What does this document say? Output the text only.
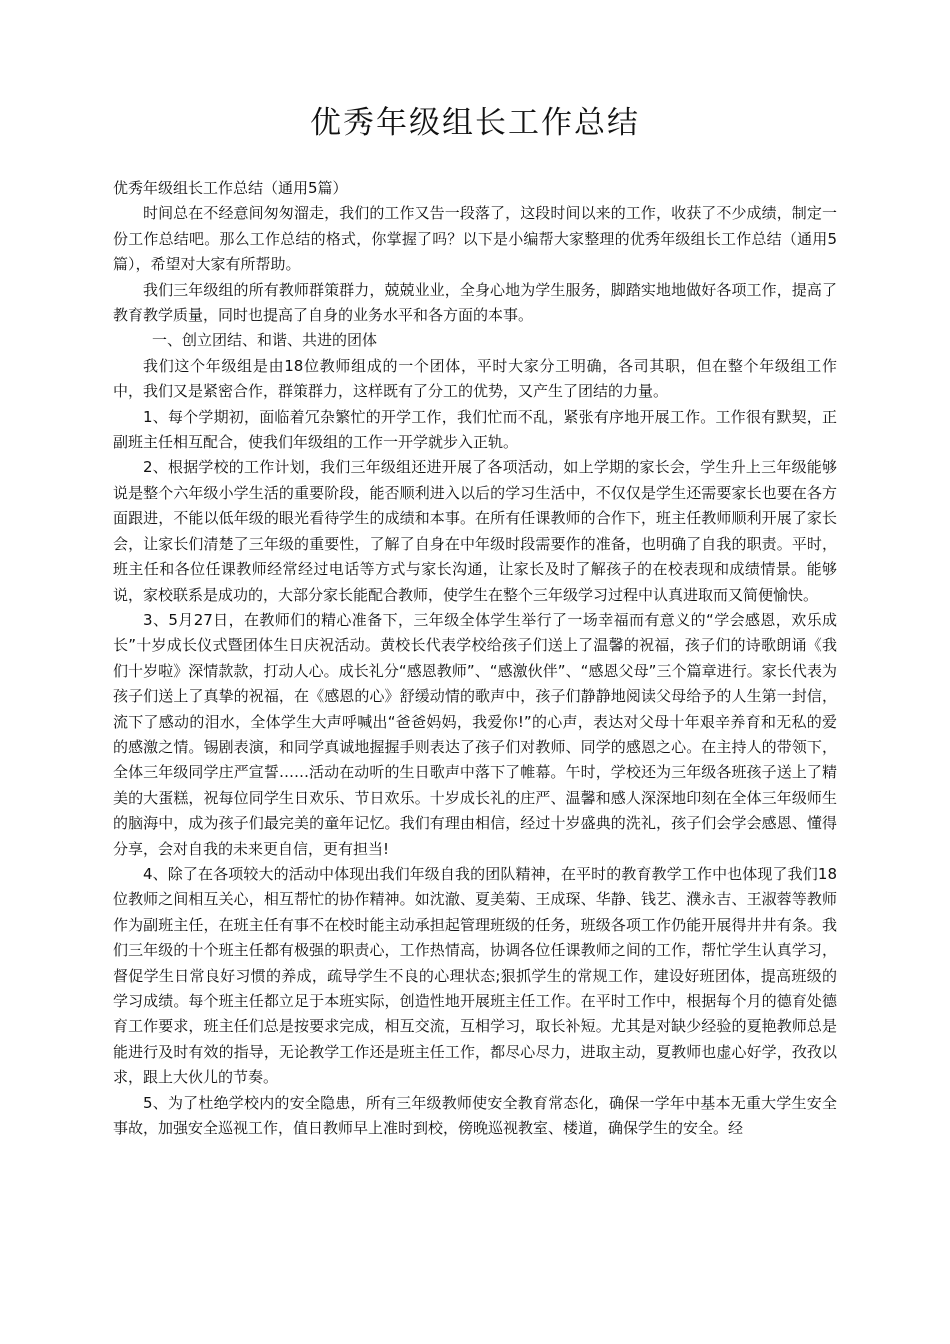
优秀年级组长工作总结

优秀年级组长工作总结（通用5篇）

时间总在不经意间匆匆溜走，我们的工作又告一段落了，这段时间以来的工作，收获了不少成绩，制定一份工作总结吧。那么工作总结的格式，你掌握了吗？以下是小编帮大家整理的优秀年级组长工作总结（通用5篇），希望对大家有所帮助。

我们三年级组的所有教师群策群力，兢兢业业，全身心地为学生服务，脚踏实地地做好各项工作，提高了教育教学质量，同时也提高了自身的业务水平和各方面的本事。

一、创立团结、和谐、共进的团体

我们这个年级组是由18位教师组成的一个团体，平时大家分工明确，各司其职，但在整个年级组工作中，我们又是紧密合作，群策群力，这样既有了分工的优势，又产生了团结的力量。

1、每个学期初，面临着冗杂繁忙的开学工作，我们忙而不乱，紧张有序地开展工作。工作很有默契，正副班主任相互配合，使我们年级组的工作一开学就步入正轨。

2、根据学校的工作计划，我们三年级组还进开展了各项活动，如上学期的家长会，学生升上三年级能够说是整个六年级小学生活的重要阶段，能否顺利进入以后的学习生活中，不仅仅是学生还需要家长也要在各方面跟进，不能以低年级的眼光看待学生的成绩和本事。在所有任课教师的合作下，班主任教师顺利开展了家长会，让家长们清楚了三年级的重要性，了解了自身在中年级时段需要作的准备，也明确了自我的职责。平时，班主任和各位任课教师经常经过电话等方式与家长沟通，让家长及时了解孩子的在校表现和成绩情景。能够说，家校联系是成功的，大部分家长能配合教师，使学生在整个三年级学习过程中认真进取而又简便愉快。

3、5月27日，在教师们的精心准备下，三年级全体学生举行了一场幸福而有意义的“学会感恩，欢乐成长”十岁成长仪式暨团体生日庆祝活动。黄校长代表学校给孩子们送上了温馨的祝福，孩子们的诗歌朗诵《我们十岁啦》深情款款，打动人心。成长礼分“感恩教师”、“感激伙伴”、“感恩父母”三个篇章进行。家长代表为孩子们送上了真挚的祝福，在《感恩的心》舒缓动情的歌声中，孩子们静静地阅读父母给予的人生第一封信，流下了感动的泪水，全体学生大声呼喊出“爸爸妈妈，我爱你!”的心声，表达对父母十年艰辛养育和无私的爱的感激之情。锡剧表演，和同学真诚地握握手则表达了孩子们对教师、同学的感恩之心。在主持人的带领下，全体三年级同学庄严宣誓……活动在动听的生日歌声中落下了帷幕。午时，学校还为三年级各班孩子送上了精美的大蛋糕，祝每位同学生日欢乐、节日欢乐。十岁成长礼的庄严、温馨和感人深深地印刻在全体三年级师生的脑海中，成为孩子们最完美的童年记忆。我们有理由相信，经过十岁盛典的洗礼，孩子们会学会感恩、懂得分享，会对自我的未来更自信，更有担当!

4、除了在各项较大的活动中体现出我们年级自我的团队精神，在平时的教育教学工作中也体现了我们18位教师之间相互关心，相互帮忙的协作精神。如沈澈、夏美菊、王成琛、华静、钱艺、濮永吉、王淑蓉等教师作为副班主任，在班主任有事不在校时能主动承担起管理班级的任务，班级各项工作仍能开展得井井有条。我们三年级的十个班主任都有极强的职责心，工作热情高，协调各位任课教师之间的工作，帮忙学生认真学习，督促学生日常良好习惯的养成，疏导学生不良的心理状态;狠抓学生的常规工作，建设好班团体，提高班级的学习成绩。每个班主任都立足于本班实际，创造性地开展班主任工作。在平时工作中，根据每个月的德育处德育工作要求，班主任们总是按要求完成，相互交流，互相学习，取长补短。尤其是对缺少经验的夏艳教师总是能进行及时有效的指导，无论教学工作还是班主任工作，都尽心尽力，进取主动，夏教师也虚心好学，孜孜以求，跟上大伙儿的节奏。

5、为了杜绝学校内的安全隐患，所有三年级教师使安全教育常态化，确保一学年中基本无重大学生安全事故，加强安全巡视工作，值日教师早上准时到校，傍晚巡视教室、楼道，确保学生的安全。经
